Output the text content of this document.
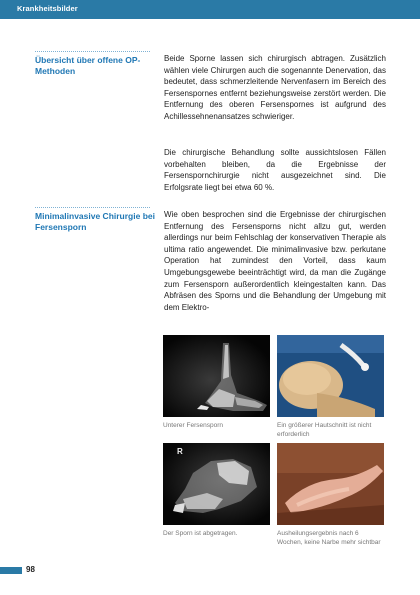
Krankheitsbilder
Übersicht über offene OP-Methoden

Beide Sporne lassen sich chirurgisch abtragen. Zusätzlich wählen viele Chirurgen auch die sogenannte Denervation, das bedeutet, dass schmerzleitende Nervenfasern im Bereich des Fersenspornes entfernt beziehungsweise zerstört werden. Die Entfernung des oberen Fersenspornes ist aufgrund des Achillessehnenansatzes schwieriger.

Die chirurgische Behandlung sollte aussichtslosen Fällen vorbehalten bleiben, da die Ergebnisse der Fersenspornchirurgie nicht ausgezeichnet sind. Die Erfolgsrate liegt bei etwa 60 %.

Minimalinvasive Chirurgie bei Fersensporn

Wie oben besprochen sind die Ergebnisse der chirurgischen Entfernung des Fersensporns nicht allzu gut, werden allerdings nur beim Fehlschlag der konservativen Therapie als ultima ratio angewendet. Die minimalinvasive bzw. perkutane Operation hat zumindest den Vorteil, dass kaum Umgebungsgewebe beeinträchtigt wird, da man die Zugänge zum Fersensporn außerordentlich kleingestalten kann. Das Abfräsen des Sporns und die Behandlung der Umgebung mit dem Elektro-

Unterer Fersensporn	Ein größerer Hautschnitt ist nicht erforderlich
R
Der Sporn ist abgetragen.	Ausheilungsergebnis nach 6 Wochen, keine Narbe mehr sichtbar
98
